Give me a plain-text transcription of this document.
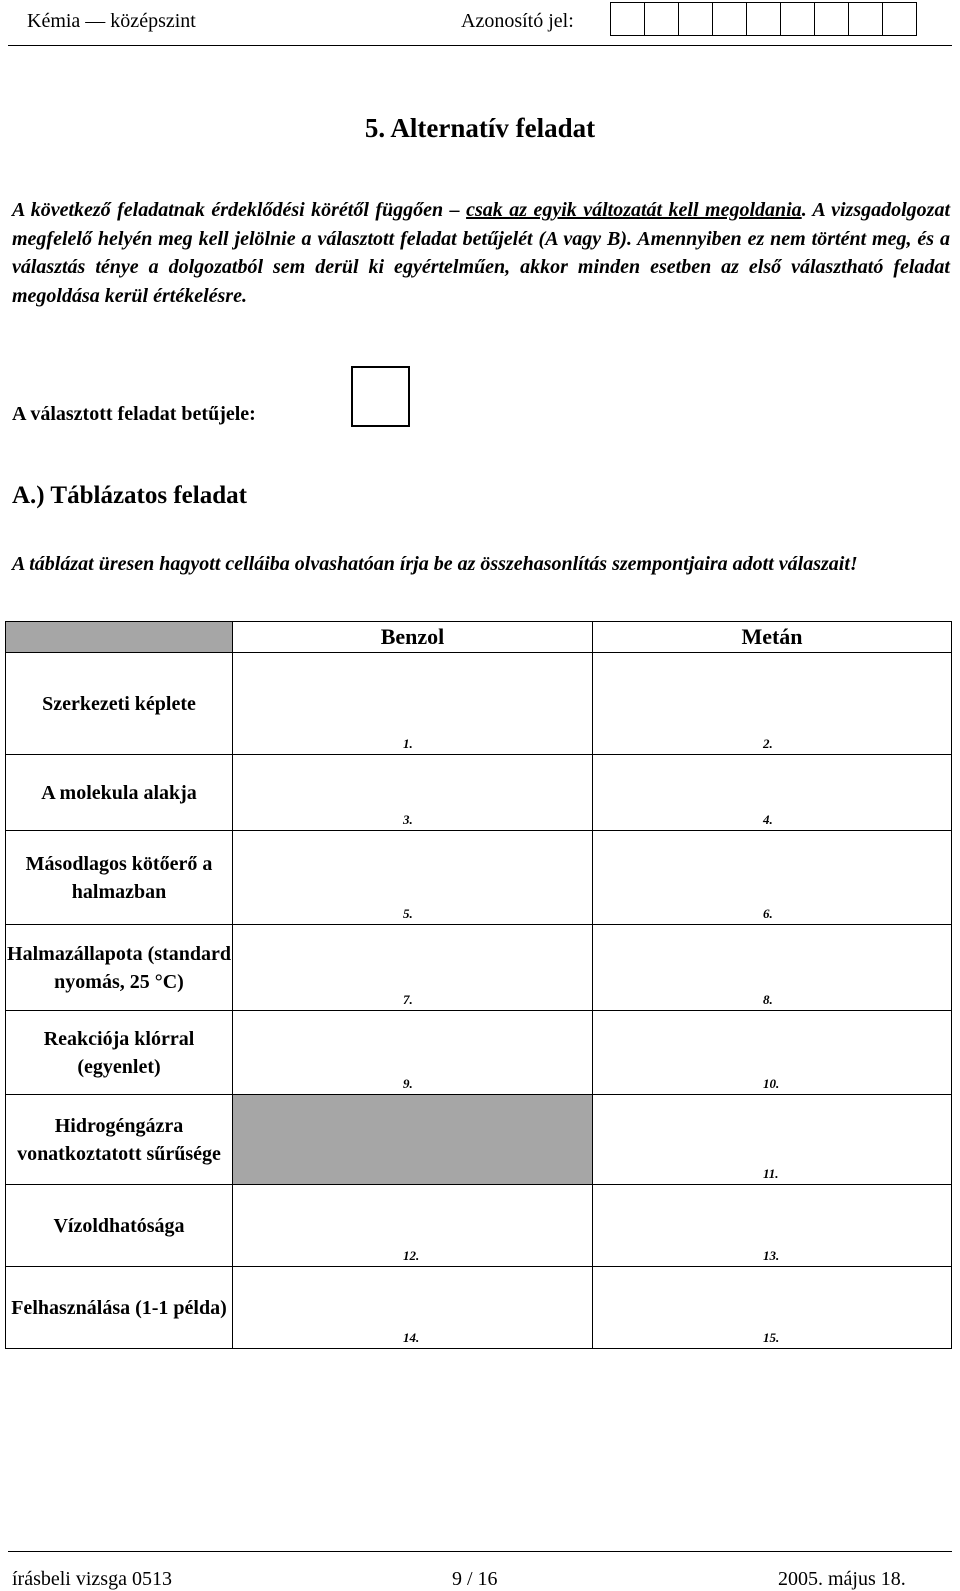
Kémia — középszint	Azonosító jel:
5. Alternatív feladat
A következő feladatnak érdeklődési körétől függően – csak az egyik változatát kell megoldania. A vizsgadolgozat megfelelő helyén meg kell jelölnie a választott feladat betűjelét (A vagy B). Amennyiben ez nem történt meg, és a választás ténye a dolgozatból sem derül ki egyértelműen, akkor minden esetben az első választható feladat megoldása kerül értékelésre.
A választott feladat betűjele:
A.) Táblázatos feladat
A táblázat üresen hagyott celláiba olvashatóan írja be az összehasonlítás szempontjaira adott válaszait!
	Benzol	Metán
Szerkezeti képlete	1.	2.

A molekula alakja	3.	4.

Másodlagos kötőerő a halmazban	5.	6.

Halmazállapota (standard nyomás, 25 °C)	7.	8.

Reakciója klórral (egyenlet)	9.	10.

Hidrogéngázra vonatkoztatott sűrűsége		11.

Vízoldhatósága	12.	13.

Felhasználása (1-1 példa)	14.	15.
írásbeli vizsga 0513	9 / 16	2005. május 18.
